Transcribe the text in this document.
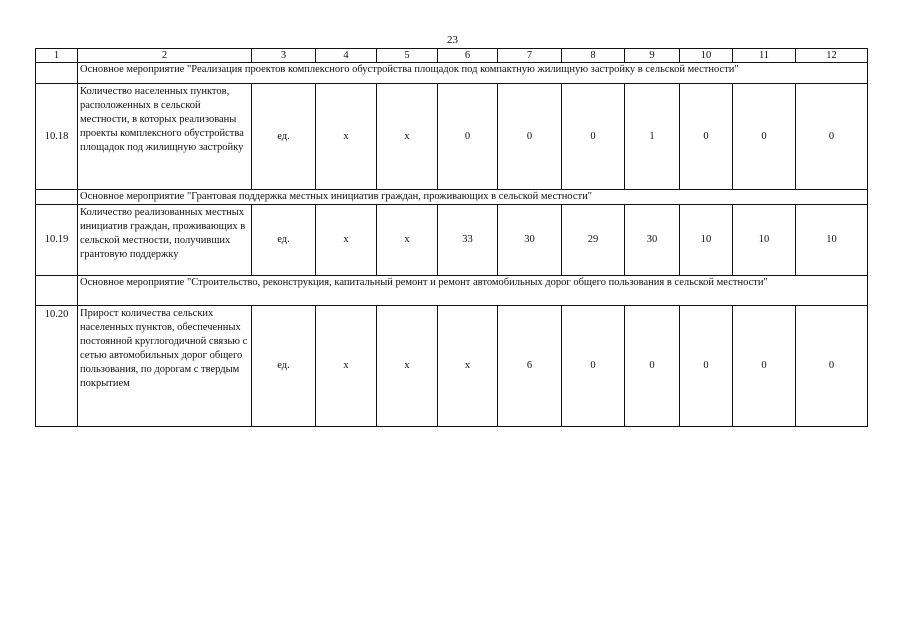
23
1	2	3	4	5	6	7	8	9	10	11	12
	Основное мероприятие "Реализация проектов комплексного обустройства площадок под компактную жилищную застройку в сельской местности"										
10.18	Количество населенных пунктов, расположенных в сельской местности, в которых реализованы проекты комплексного обустройства площадок под жилищную застройку	ед.	х	х	0	0	0	1	0	0	0
	Основное мероприятие "Грантовая поддержка местных инициатив граждан, проживающих в сельской местности"										
10.19	Количество реализованных местных инициатив граждан, проживающих в сельской местности, получивших грантовую поддержку	ед.	х	х	33	30	29	30	10	10	10
	Основное мероприятие "Строительство, реконструкция, капитальный ремонт и ремонт автомобильных дорог общего пользования в сельской местности"										
10.20	Прирост количества сельских населенных пунктов, обеспеченных постоянной круглогодичной связью с сетью автомобильных дорог общего пользования, по дорогам с твердым покрытием	ед.	х	х	х	6	0	0	0	0	0
